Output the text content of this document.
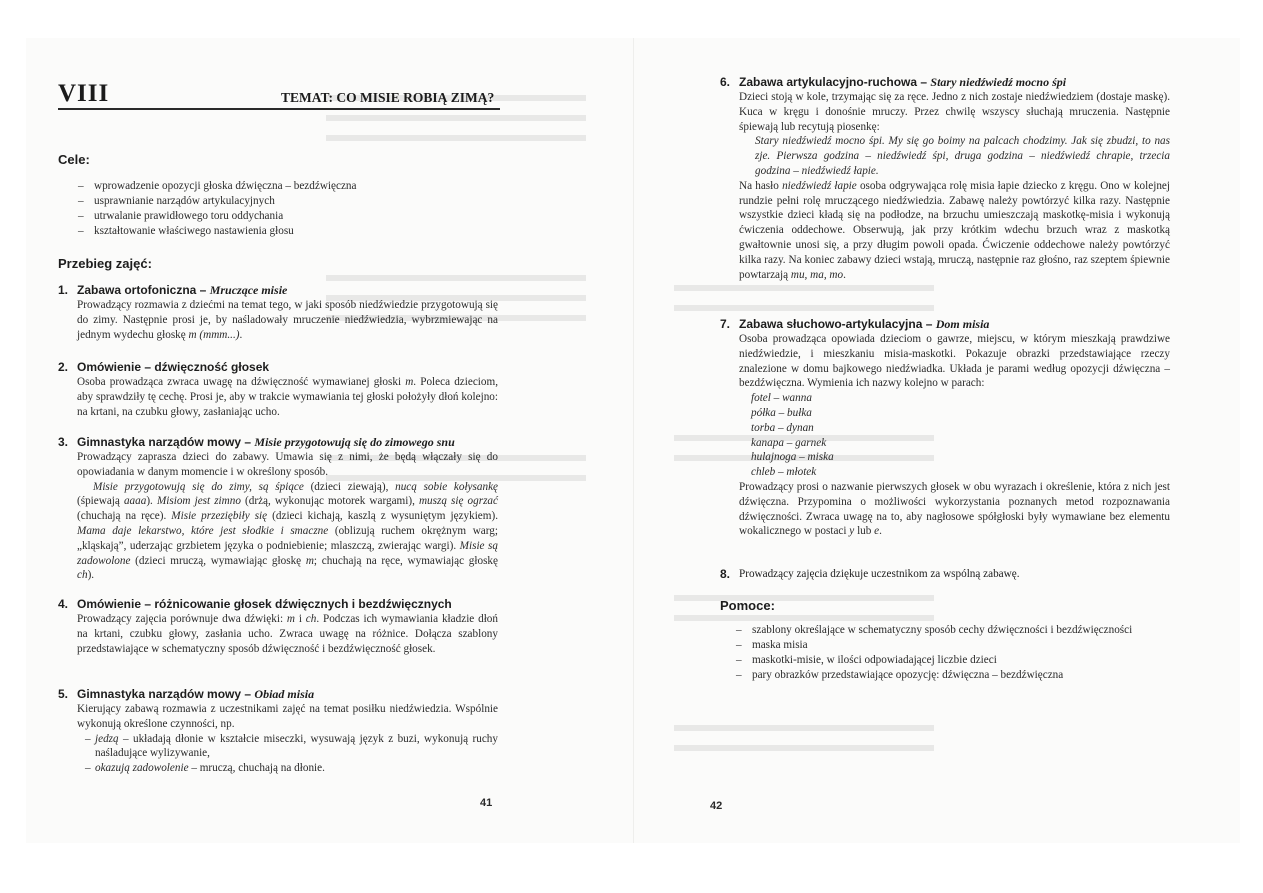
VIII	TEMAT: CO MISIE ROBIĄ ZIMĄ?
Cele:
– wprowadzenie opozycji głoska dźwięczna – bezdźwięczna
– usprawnianie narządów artykulacyjnych
– utrwalanie prawidłowego toru oddychania
– kształtowanie właściwego nastawienia głosu
Przebieg zajęć:
1. Zabawa ortofoniczna – Mruczące misie
Prowadzący rozmawia z dziećmi na temat tego, w jaki sposób niedźwiedzie przygotowują się do zimy. Następnie prosi je, by naśladowały mruczenie niedźwiedzia, wybrzmiewając na jednym wydechu głoskę m (mmm...).
2. Omówienie – dźwięczność głosek
Osoba prowadząca zwraca uwagę na dźwięczność wymawianej głoski m. Poleca dzieciom, aby sprawdziły tę cechę. Prosi je, aby w trakcie wymawiania tej głoski położyły dłoń kolejno: na krtani, na czubku głowy, zasłaniając ucho.
3. Gimnastyka narządów mowy – Misie przygotowują się do zimowego snu

Prowadzący zaprasza dzieci do zabawy. Umawia się z nimi, że będą włączały się do opowiadania w danym momencie i w określony sposób.

Misie przygotowują się do zimy, są śpiące (dzieci ziewają), nucą sobie kołysankę (śpiewają aaaa). Misiom jest zimno (drżą, wykonując motorek wargami), muszą się ogrzać (chuchają na ręce). Misie przeziębiły się (dzieci kichają, kaszlą z wysuniętym językiem). Mama daje lekarstwo, które jest słodkie i smaczne (oblizują ruchem okrężnym warg; „kląskają”, uderzając grzbietem języka o podniebienie; mlaszczą, zwierając wargi). Misie są zadowolone (dzieci mruczą, wymawiając głoskę m; chuchają na ręce, wymawiając głoskę ch).

4. Omówienie – różnicowanie głosek dźwięcznych i bezdźwięcznych
Prowadzący zajęcia porównuje dwa dźwięki: m i ch. Podczas ich wymawiania kładzie dłoń na krtani, czubku głowy, zasłania ucho. Zwraca uwagę na różnice. Dołącza szablony przedstawiające w schematyczny sposób dźwięczność i bezdźwięczność głosek.
5. Gimnastyka narządów mowy – Obiad misia

Kierujący zabawą rozmawia z uczestnikami zajęć na temat posiłku niedźwiedzia. Wspólnie wykonują określone czynności, np.

– jedzą – układają dłonie w kształcie miseczki, wysuwają język z buzi, wykonują ruchy naśladujące wylizywanie,
– okazują zadowolenie – mruczą, chuchają na dłonie.
41
6. Zabawa artykulacyjno-ruchowa – Stary niedźwiedź mocno śpi

Dzieci stoją w kole, trzymając się za ręce. Jedno z nich zostaje niedźwiedziem (dostaje maskę). Kuca w kręgu i donośnie mruczy. Przez chwilę wszyscy słuchają mruczenia. Następnie śpiewają lub recytują piosenkę:

Stary niedźwiedź mocno śpi. My się go boimy na palcach chodzimy. Jak się zbudzi, to nas zje. Pierwsza godzina – niedźwiedź śpi, druga godzina – niedźwiedź chrapie, trzecia godzina – niedźwiedź łapie.

Na hasło niedźwiedź łapie osoba odgrywająca rolę misia łapie dziecko z kręgu. Ono w kolejnej rundzie pełni rolę mruczącego niedźwiedzia. Zabawę należy powtórzyć kilka razy. Następnie wszystkie dzieci kładą się na podłodze, na brzuchu umieszczają maskotkę-misia i wykonują ćwiczenia oddechowe. Obserwują, jak przy krótkim wdechu brzuch wraz z maskotką gwałtownie unosi się, a przy długim powoli opada. Ćwiczenie oddechowe należy powtórzyć kilka razy. Na koniec zabawy dzieci wstają, mruczą, następnie raz głośno, raz szeptem śpiewnie powtarzają mu, ma, mo.

7. Zabawa słuchowo-artykulacyjna – Dom misia

Osoba prowadząca opowiada dzieciom o gawrze, miejscu, w którym mieszkają prawdziwe niedźwiedzie, i mieszkaniu misia-maskotki. Pokazuje obrazki przedstawiające rzeczy znalezione w domu bajkowego niedźwiadka. Układa je parami według opozycji dźwięczna – bezdźwięczna. Wymienia ich nazwy kolejno w parach:

fotel – wanna
półka – bułka
torba – dynan
kanapa – garnek
hulajnoga – miska
chleb – młotek

Prowadzący prosi o nazwanie pierwszych głosek w obu wyrazach i określenie, która z nich jest dźwięczna. Przypomina o możliwości wykorzystania poznanych metod rozpoznawania dźwięczności. Zwraca uwagę na to, aby nagłosowe spółgłoski były wymawiane bez elementu wokalicznego w postaci y lub e.

8. Prowadzący zajęcia dziękuje uczestnikom za wspólną zabawę.
Pomoce:
– szablony określające w schematyczny sposób cechy dźwięczności i bezdźwięczności
– maska misia
– maskotki-misie, w ilości odpowiadającej liczbie dzieci
– pary obrazków przedstawiające opozycję: dźwięczna – bezdźwięczna
42
